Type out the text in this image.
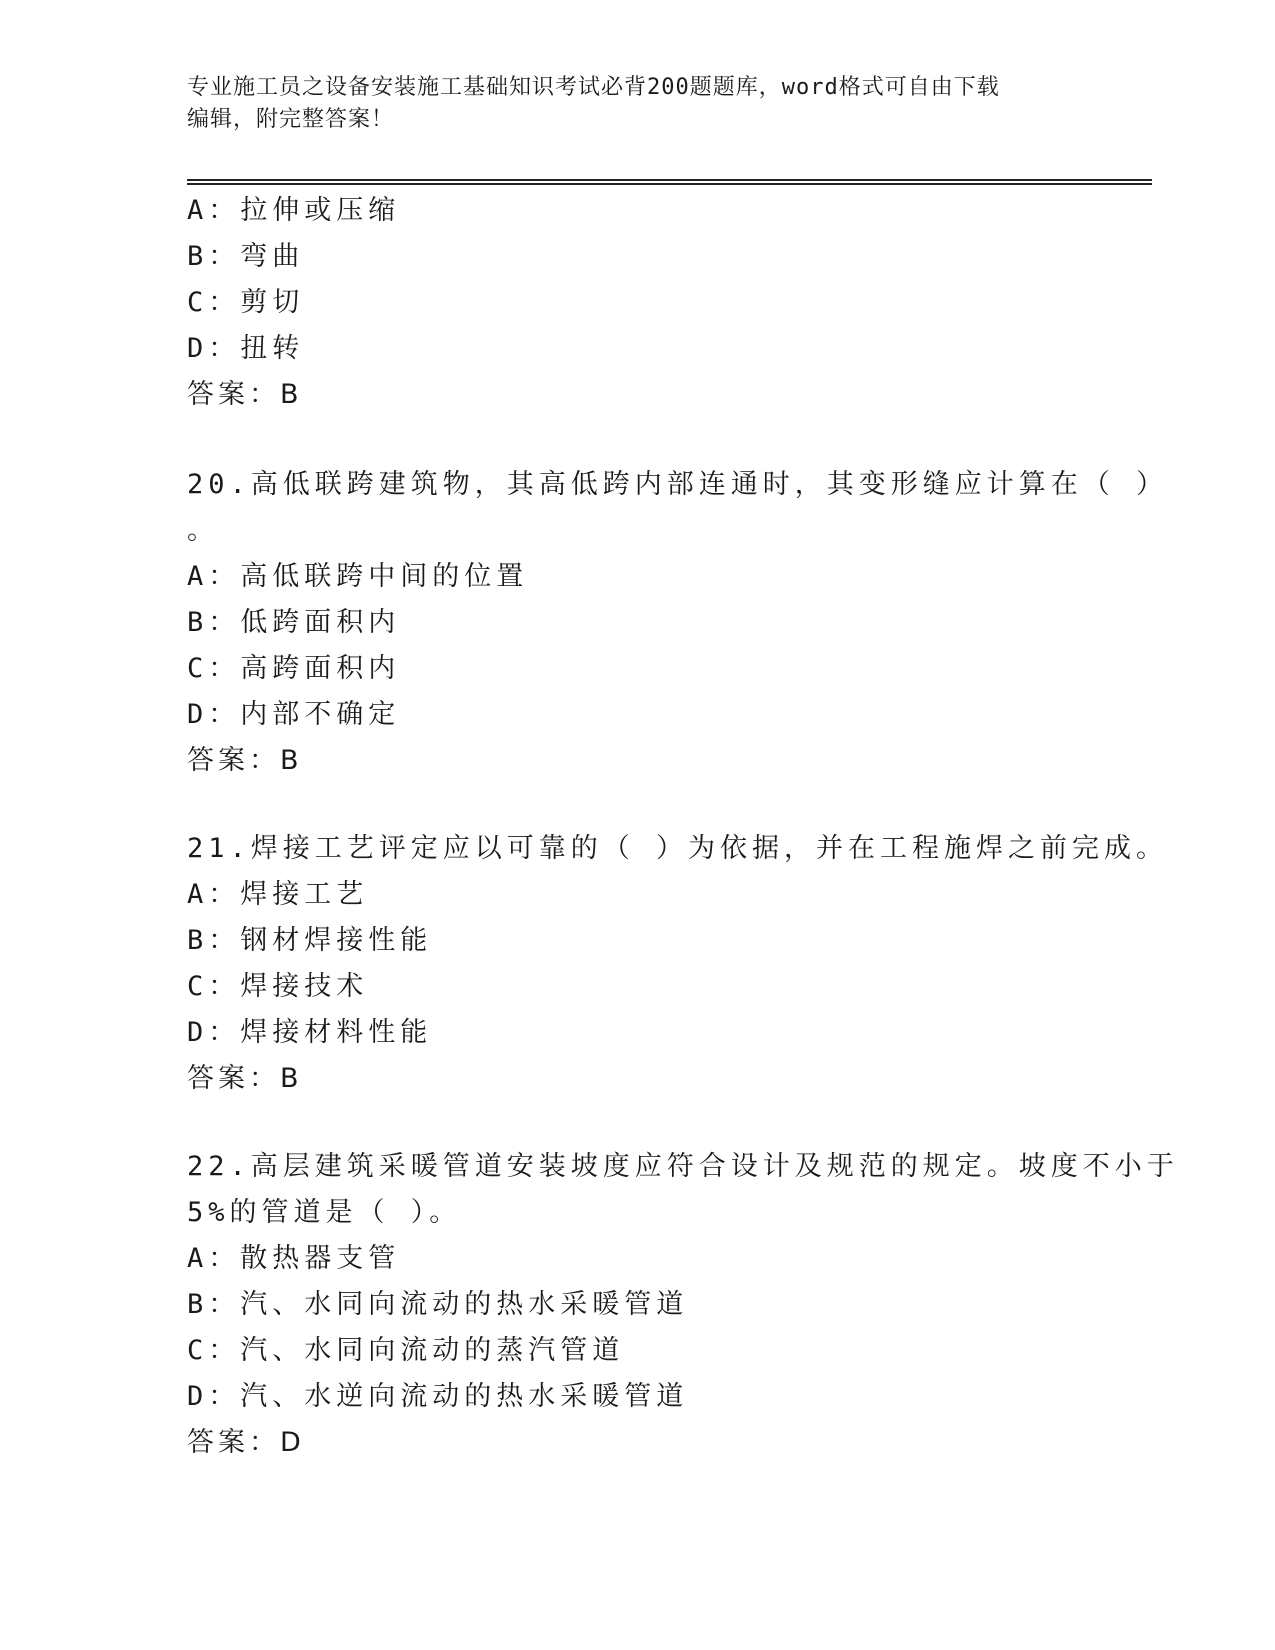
专业施工员之设备安装施工基础知识考试必背200题题库，word格式可自由下载
编辑，附完整答案！

A：拉伸或压缩

B：弯曲

C：剪切

D：扭转

答案：B

20.高低联跨建筑物，其高低跨内部连通时，其变形缝应计算在（ ）
。

A：高低联跨中间的位置

B：低跨面积内

C：高跨面积内

D：内部不确定

答案：B

21.焊接工艺评定应以可靠的（ ）为依据，并在工程施焊之前完成。

A：焊接工艺

B：钢材焊接性能

C：焊接技术

D：焊接材料性能

答案：B

22.高层建筑采暖管道安装坡度应符合设计及规范的规定。坡度不小于
5%的管道是（ ）。

A：散热器支管

B：汽、水同向流动的热水采暖管道

C：汽、水同向流动的蒸汽管道

D：汽、水逆向流动的热水采暖管道

答案：D
